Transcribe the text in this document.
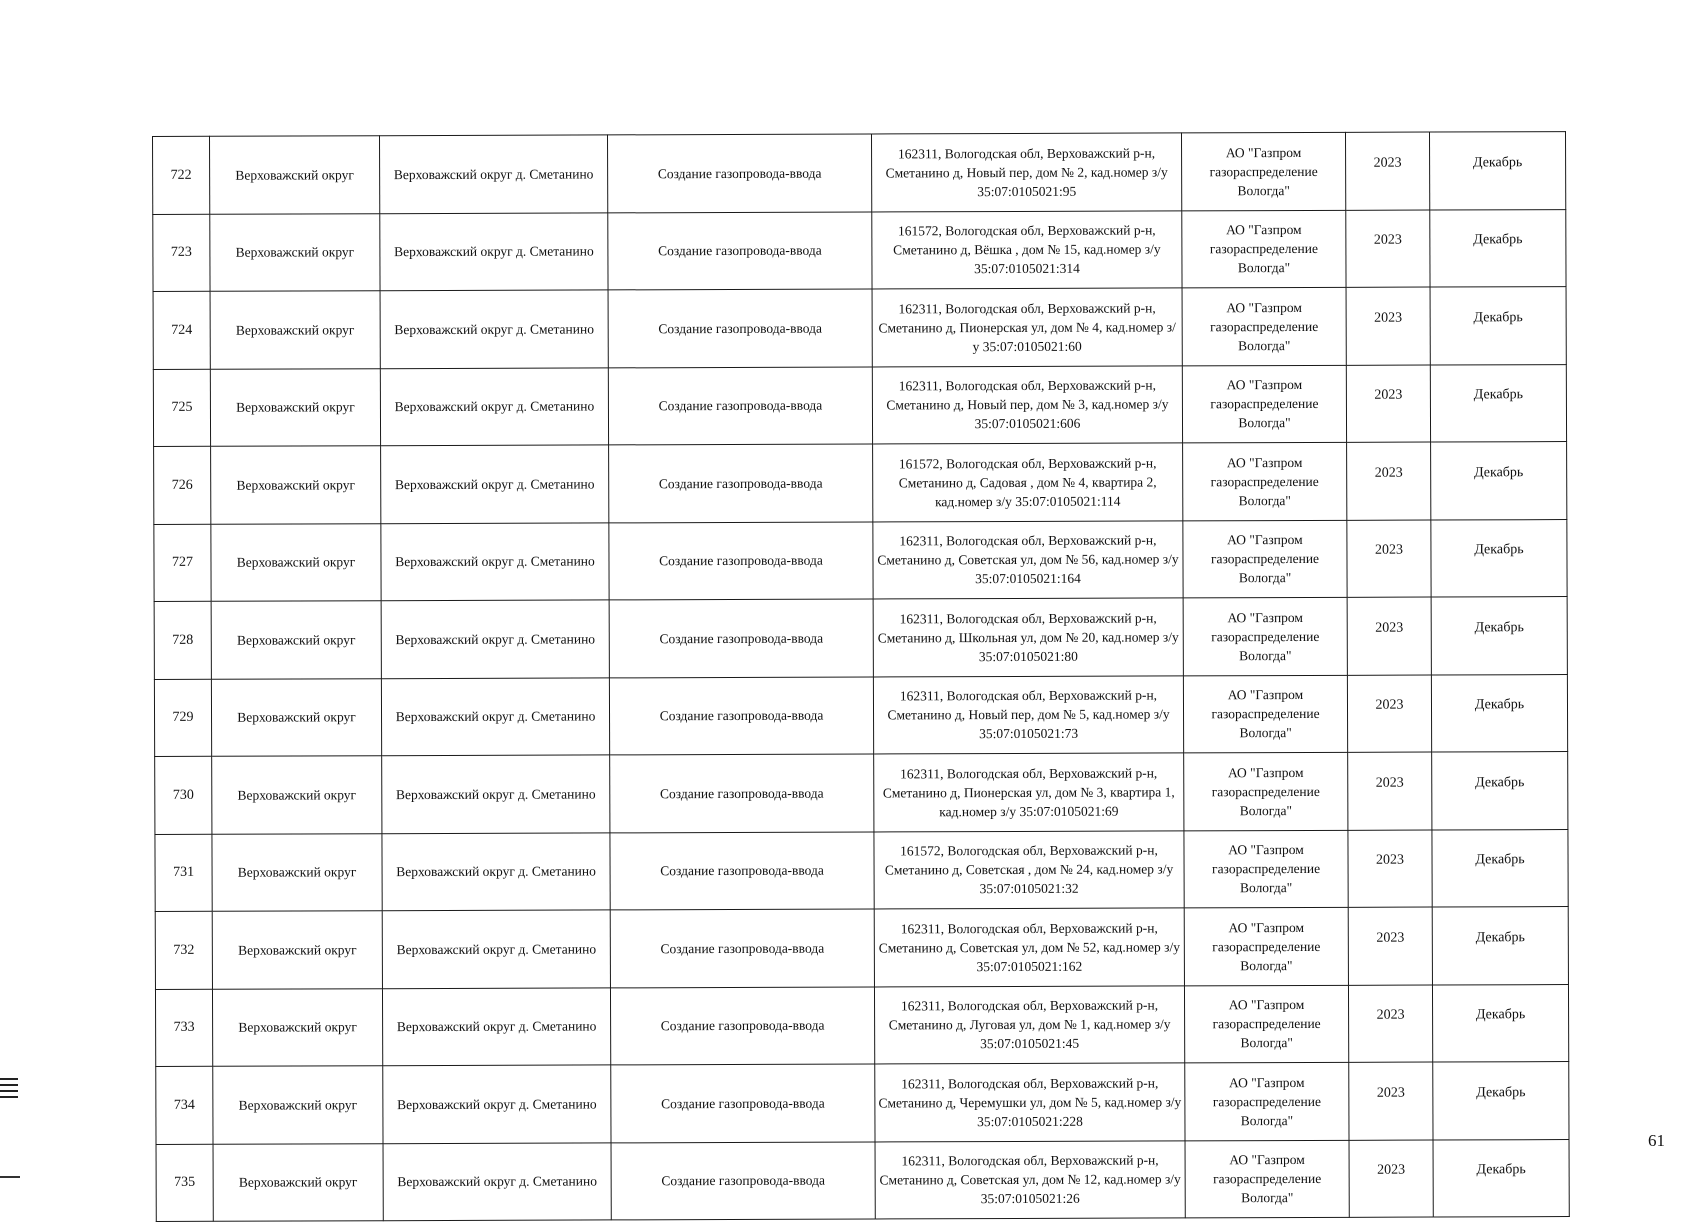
722	Верховажский округ	Верховажский округ д. Сметанино	Создание газопровода-ввода	162311, Вологодская обл, Верховажский р-н, Сметанино д, Новый пер, дом № 2, кад.номер з/у 35:07:0105021:95	АО "Газпром газораспределение Вологда"	2023	Декабрь
723	Верховажский округ	Верховажский округ д. Сметанино	Создание газопровода-ввода	161572, Вологодская обл, Верховажский р-н, Сметанино д, Вёшка , дом № 15, кад.номер з/у 35:07:0105021:314	АО "Газпром газораспределение Вологда"	2023	Декабрь
724	Верховажский округ	Верховажский округ д. Сметанино	Создание газопровода-ввода	162311, Вологодская обл, Верховажский р-н, Сметанино д, Пионерская ул, дом № 4, кад.номер з/у 35:07:0105021:60	АО "Газпром газораспределение Вологда"	2023	Декабрь
725	Верховажский округ	Верховажский округ д. Сметанино	Создание газопровода-ввода	162311, Вологодская обл, Верховажский р-н, Сметанино д, Новый пер, дом № 3, кад.номер з/у 35:07:0105021:606	АО "Газпром газораспределение Вологда"	2023	Декабрь
726	Верховажский округ	Верховажский округ д. Сметанино	Создание газопровода-ввода	161572, Вологодская обл, Верховажский р-н, Сметанино д, Садовая , дом № 4, квартира 2, кад.номер з/у 35:07:0105021:114	АО "Газпром газораспределение Вологда"	2023	Декабрь
727	Верховажский округ	Верховажский округ д. Сметанино	Создание газопровода-ввода	162311, Вологодская обл, Верховажский р-н, Сметанино д, Советская ул, дом № 56, кад.номер з/у 35:07:0105021:164	АО "Газпром газораспределение Вологда"	2023	Декабрь
728	Верховажский округ	Верховажский округ д. Сметанино	Создание газопровода-ввода	162311, Вологодская обл, Верховажский р-н, Сметанино д, Школьная ул, дом № 20, кад.номер з/у 35:07:0105021:80	АО "Газпром газораспределение Вологда"	2023	Декабрь
729	Верховажский округ	Верховажский округ д. Сметанино	Создание газопровода-ввода	162311, Вологодская обл, Верховажский р-н, Сметанино д, Новый пер, дом № 5, кад.номер з/у 35:07:0105021:73	АО "Газпром газораспределение Вологда"	2023	Декабрь
730	Верховажский округ	Верховажский округ д. Сметанино	Создание газопровода-ввода	162311, Вологодская обл, Верховажский р-н, Сметанино д, Пионерская ул, дом № 3, квартира 1, кад.номер з/у 35:07:0105021:69	АО "Газпром газораспределение Вологда"	2023	Декабрь
731	Верховажский округ	Верховажский округ д. Сметанино	Создание газопровода-ввода	161572, Вологодская обл, Верховажский р-н, Сметанино д, Советская , дом № 24, кад.номер з/у 35:07:0105021:32	АО "Газпром газораспределение Вологда"	2023	Декабрь
732	Верховажский округ	Верховажский округ д. Сметанино	Создание газопровода-ввода	162311, Вологодская обл, Верховажский р-н, Сметанино д, Советская ул, дом № 52, кад.номер з/у 35:07:0105021:162	АО "Газпром газораспределение Вологда"	2023	Декабрь
733	Верховажский округ	Верховажский округ д. Сметанино	Создание газопровода-ввода	162311, Вологодская обл, Верховажский р-н, Сметанино д, Луговая ул, дом № 1, кад.номер з/у 35:07:0105021:45	АО "Газпром газораспределение Вологда"	2023	Декабрь
734	Верховажский округ	Верховажский округ д. Сметанино	Создание газопровода-ввода	162311, Вологодская обл, Верховажский р-н, Сметанино д, Черемушки ул, дом № 5, кад.номер з/у 35:07:0105021:228	АО "Газпром газораспределение Вологда"	2023	Декабрь
735	Верховажский округ	Верховажский округ д. Сметанино	Создание газопровода-ввода	162311, Вологодская обл, Верховажский р-н, Сметанино д, Советская ул, дом № 12, кад.номер з/у 35:07:0105021:26	АО "Газпром газораспределение Вологда"	2023	Декабрь
61
